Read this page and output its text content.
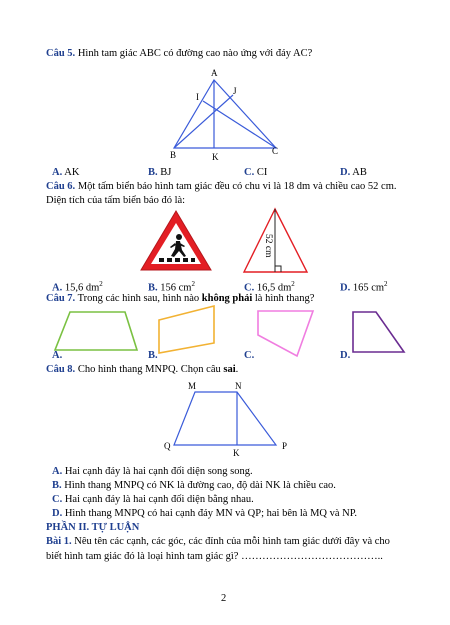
Câu 5. Hình tam giác ABC có đường cao nào ứng với đáy AC?
A
I
J
B	K
C
A. AK	B. BJ	C. CI	D. AB
Câu 6. Một tấm biển báo hình tam giác đều có chu vi là 18 dm và chiều cao 52 cm.
Diện tích của tấm biển báo đó là:
52 cm
A. 15,6 $dm^2$	B. 156 $cm^2$	C. 16,5 $dm^2$	D. 165 $cm^2$
Câu 7. Trong các hình sau, hình nào không phải là hình thang?
A.	B.	C.	D.
Câu 8. Cho hình thang MNPQ. Chọn câu sai.
M	N
Q	P
K
A. Hai cạnh đáy là hai cạnh đối diện song song.
B. Hình thang MNPQ có NK là đường cao, độ dài NK là chiều cao.
C. Hai cạnh đáy là hai cạnh đối diện bằng nhau.
D. Hình thang MNPQ có hai cạnh đáy MN và QP; hai bên là MQ và NP.
PHẦN II. TỰ LUẬN
Bài 1. Nêu tên các cạnh, các góc, các đỉnh của mỗi hình tam giác dưới đây và cho
biết hình tam giác đó là loại hình tam giác gì? …………………………………..
2
